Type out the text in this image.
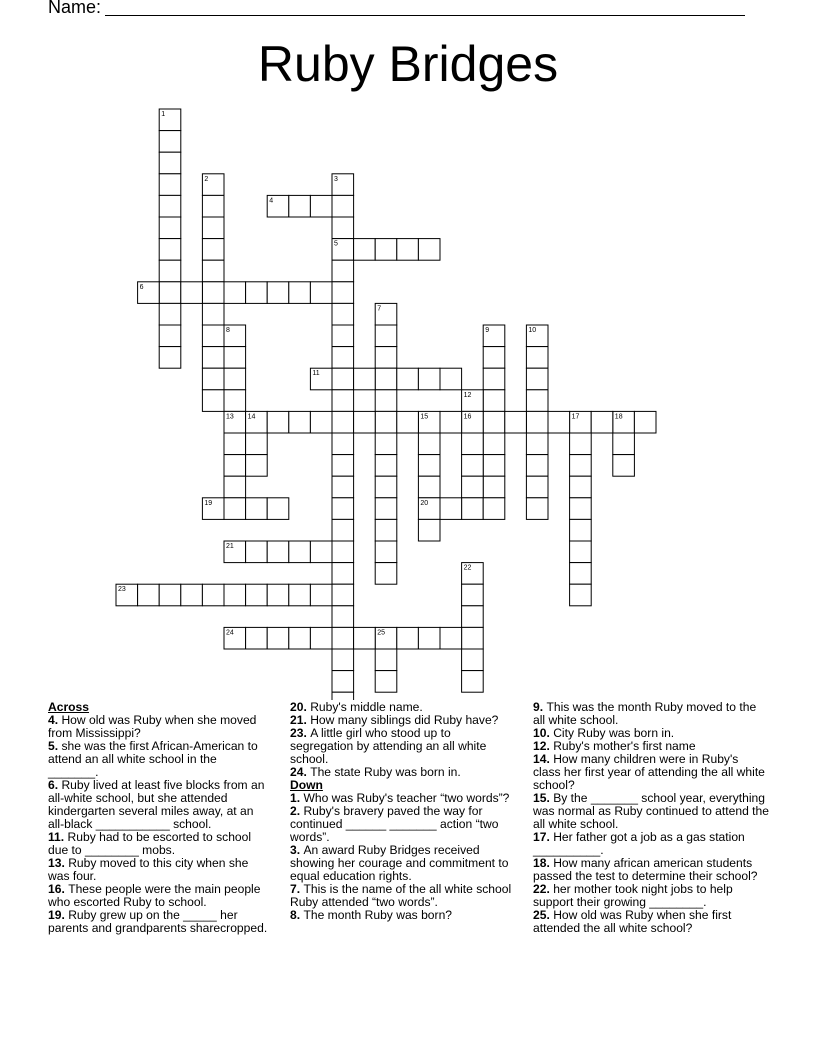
Name:
Ruby Bridges
1
2	3
4
5
6
7
8	9	10
11
12
13 14	15	16	17	18
19	20
21
22
23
24	25
Across
4. How old was Ruby when she moved from Mississippi?
5. she was the first African-American to attend an all white school in the _______.
6. Ruby lived at least five blocks from an all-white school, but she attended kindergarten several miles away, at an all-black ___________ school.
11. Ruby had to be escorted to school due to ________ mobs.
13. Ruby moved to this city when she was four.
16. These people were the main people who escorted Ruby to school.
19. Ruby grew up on the _____ her parents and grandparents sharecropped.
20. Ruby's middle name.
21. How many siblings did Ruby have?
23. A little girl who stood up to segregation by attending an all white school.
24. The state Ruby was born in.
Down
1. Who was Ruby's teacher “two words”?
2. Ruby's bravery paved the way for continued ______ _______ action “two words”.
3. An award Ruby Bridges received showing her courage and commitment to equal education rights.
7. This is the name of the all white school Ruby attended “two words”.
8. The month Ruby was born?
9. This was the month Ruby moved to the all white school.
10. City Ruby was born in.
12. Ruby's mother's first name
14. How many children were in Ruby's class her first year of attending the all white school?
15. By the _______ school year, everything was normal as Ruby continued to attend the all white school.
17. Her father got a job as a gas station __________.
18. How many african american students passed the test to determine their school?
22. her mother took night jobs to help support their growing ________.
25. How old was Ruby when she first attended the all white school?
